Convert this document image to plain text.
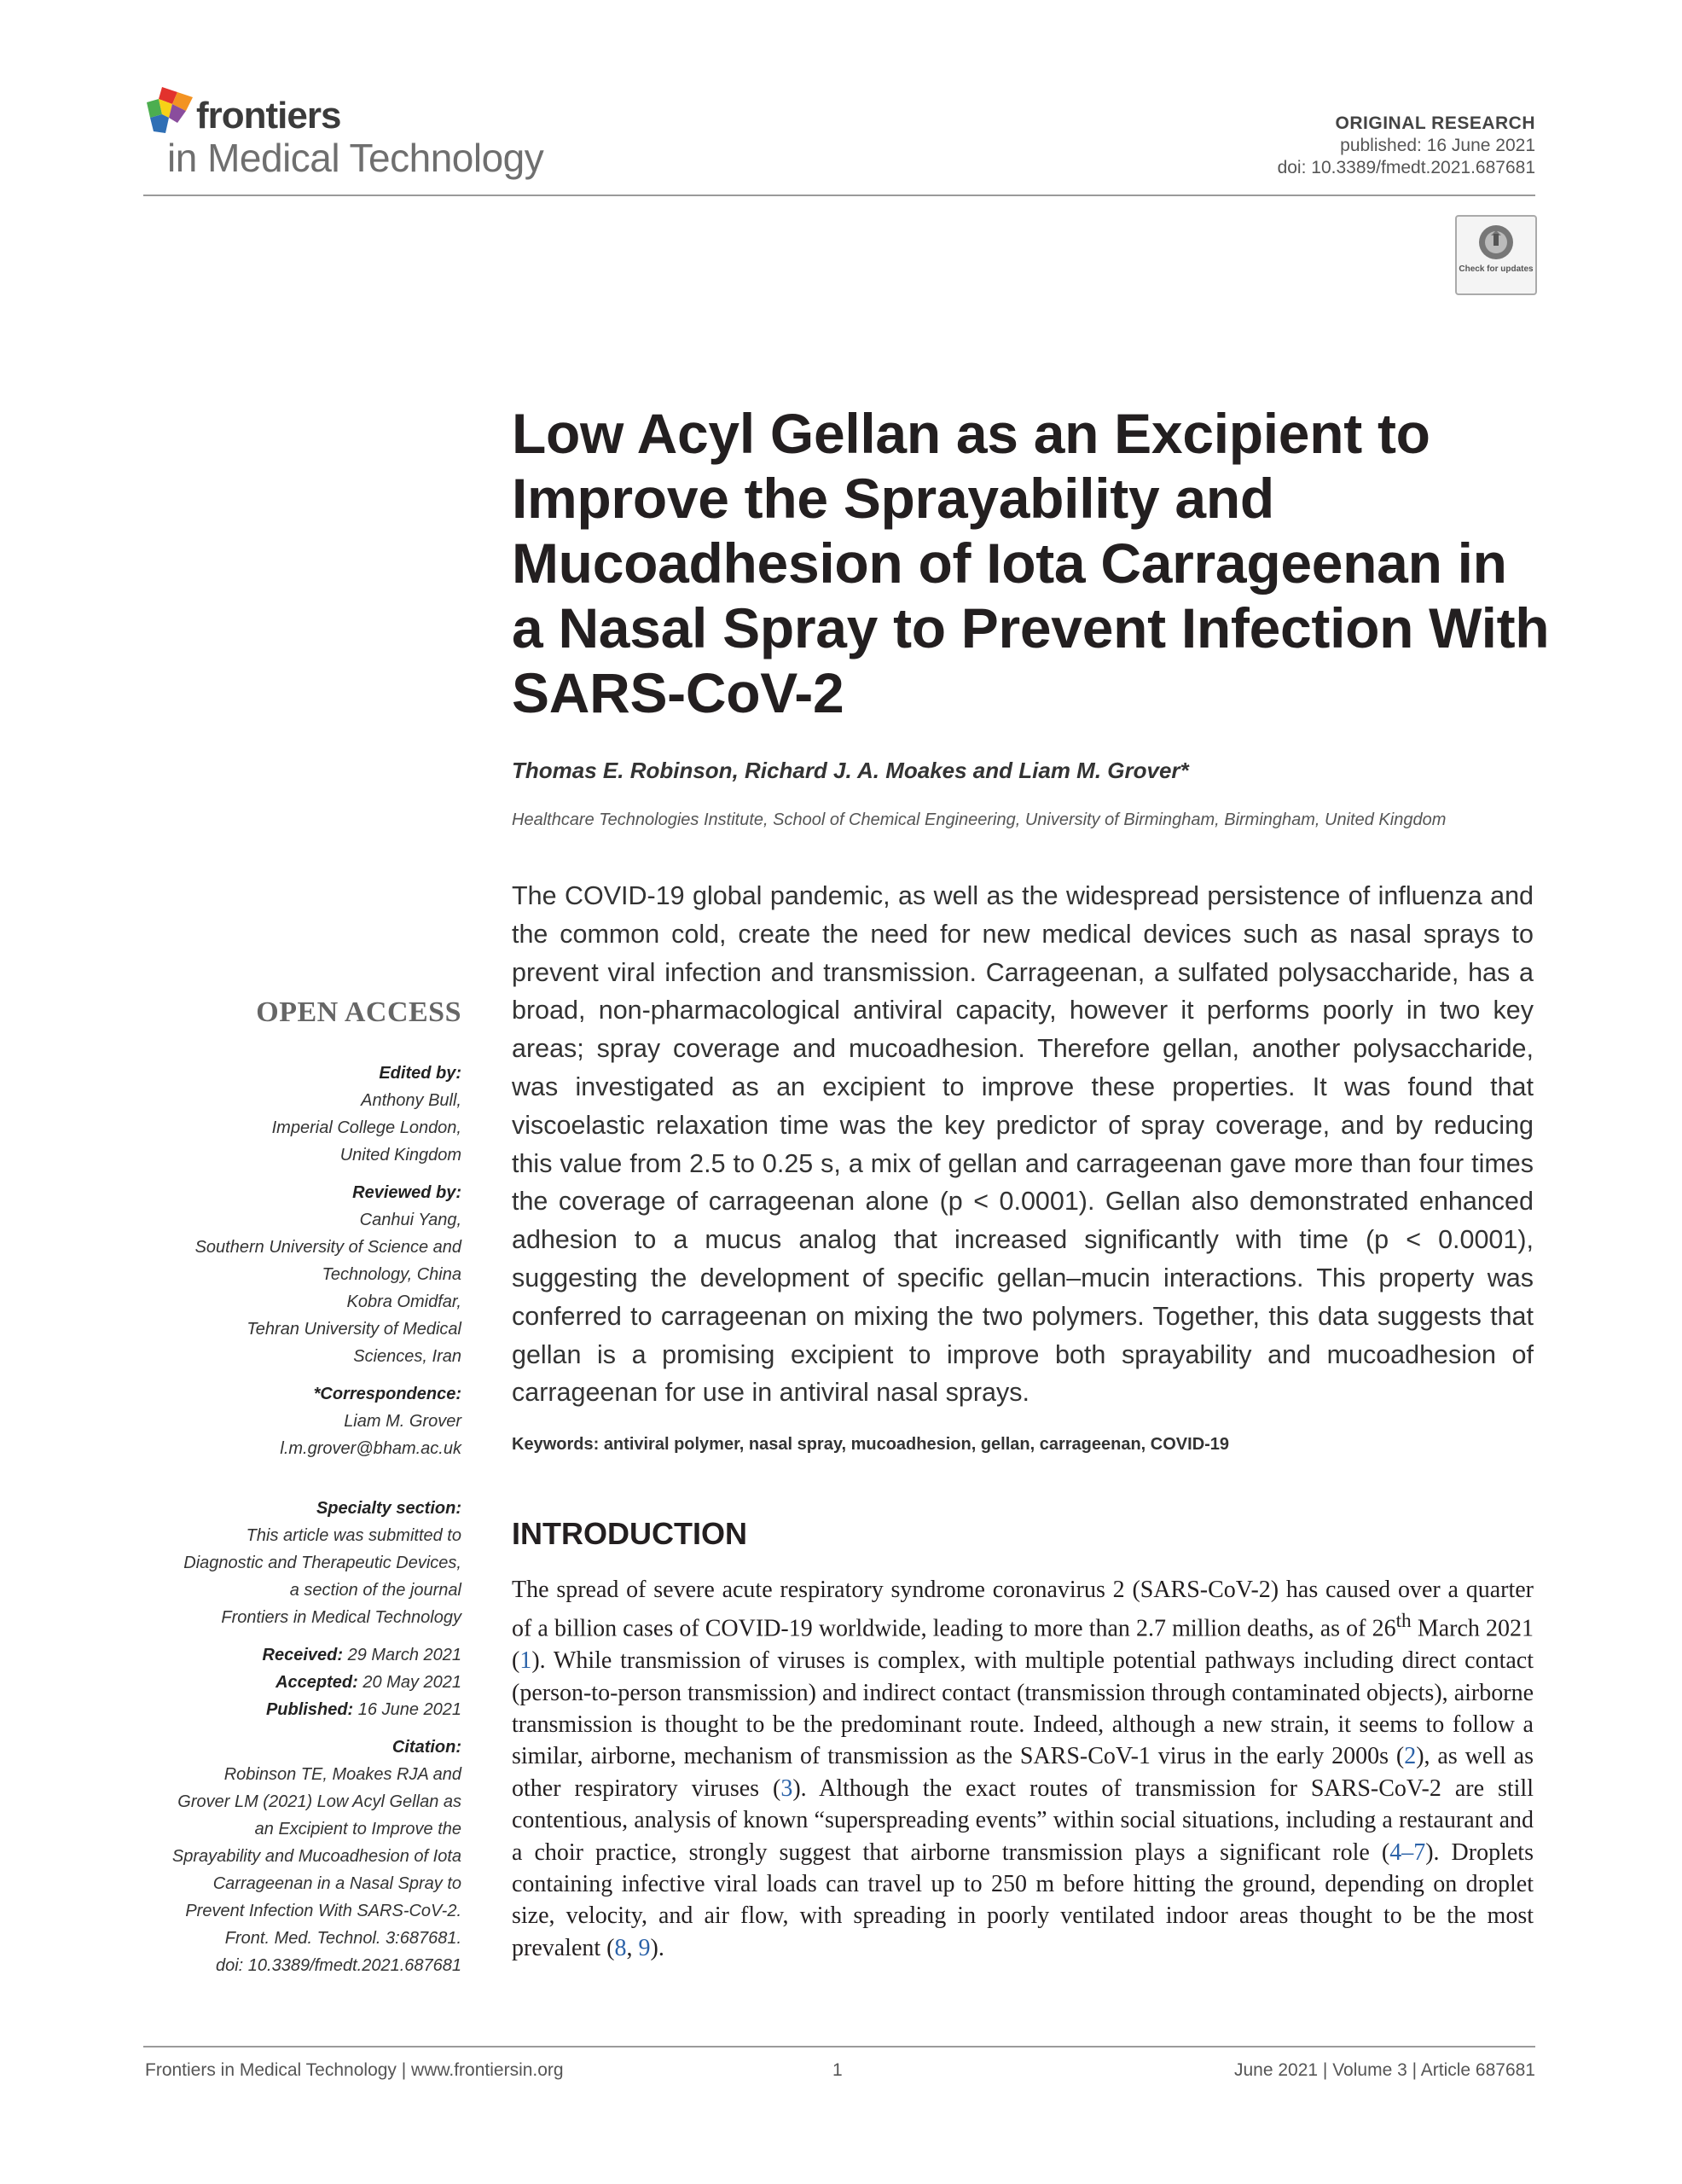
frontiers
in Medical Technology
ORIGINAL RESEARCH
published: 16 June 2021
doi: 10.3389/fmedt.2021.687681
Check for updates
Low Acyl Gellan as an Excipient to Improve the Sprayability and Mucoadhesion of Iota Carrageenan in a Nasal Spray to Prevent Infection With SARS-CoV-2
Thomas E. Robinson, Richard J. A. Moakes and Liam M. Grover*
Healthcare Technologies Institute, School of Chemical Engineering, University of Birmingham, Birmingham, United Kingdom
The COVID-19 global pandemic, as well as the widespread persistence of influenza and the common cold, create the need for new medical devices such as nasal sprays to prevent viral infection and transmission. Carrageenan, a sulfated polysaccharide, has a broad, non-pharmacological antiviral capacity, however it performs poorly in two key areas; spray coverage and mucoadhesion. Therefore gellan, another polysaccharide, was investigated as an excipient to improve these properties. It was found that viscoelastic relaxation time was the key predictor of spray coverage, and by reducing this value from 2.5 to 0.25 s, a mix of gellan and carrageenan gave more than four times the coverage of carrageenan alone (p < 0.0001). Gellan also demonstrated enhanced adhesion to a mucus analog that increased significantly with time (p < 0.0001), suggesting the development of specific gellan–mucin interactions. This property was conferred to carrageenan on mixing the two polymers. Together, this data suggests that gellan is a promising excipient to improve both sprayability and mucoadhesion of carrageenan for use in antiviral nasal sprays.
Keywords: antiviral polymer, nasal spray, mucoadhesion, gellan, carrageenan, COVID-19
INTRODUCTION
The spread of severe acute respiratory syndrome coronavirus 2 (SARS-CoV-2) has caused over a quarter of a billion cases of COVID-19 worldwide, leading to more than 2.7 million deaths, as of 26th March 2021 (1). While transmission of viruses is complex, with multiple potential pathways including direct contact (person-to-person transmission) and indirect contact (transmission through contaminated objects), airborne transmission is thought to be the predominant route. Indeed, although a new strain, it seems to follow a similar, airborne, mechanism of transmission as the SARS-CoV-1 virus in the early 2000s (2), as well as other respiratory viruses (3). Although the exact routes of transmission for SARS-CoV-2 are still contentious, analysis of known “superspreading events” within social situations, including a restaurant and a choir practice, strongly suggest that airborne transmission plays a significant role (4–7). Droplets containing infective viral loads can travel up to 250 m before hitting the ground, depending on droplet size, velocity, and air flow, with spreading in poorly ventilated indoor areas thought to be the most prevalent (8, 9).
OPEN ACCESS
Edited by:
Anthony Bull,
Imperial College London,
United Kingdom
Reviewed by:
Canhui Yang,
Southern University of Science and
Technology, China
Kobra Omidfar,
Tehran University of Medical
Sciences, Iran
*Correspondence:
Liam M. Grover
l.m.grover@bham.ac.uk
Specialty section:
This article was submitted to
Diagnostic and Therapeutic Devices,
a section of the journal
Frontiers in Medical Technology
Received: 29 March 2021
Accepted: 20 May 2021
Published: 16 June 2021
Citation:
Robinson TE, Moakes RJA and
Grover LM (2021) Low Acyl Gellan as
an Excipient to Improve the
Sprayability and Mucoadhesion of Iota
Carrageenan in a Nasal Spray to
Prevent Infection With SARS-CoV-2.
Front. Med. Technol. 3:687681.
doi: 10.3389/fmedt.2021.687681
Frontiers in Medical Technology | www.frontiersin.org	1	June 2021 | Volume 3 | Article 687681
